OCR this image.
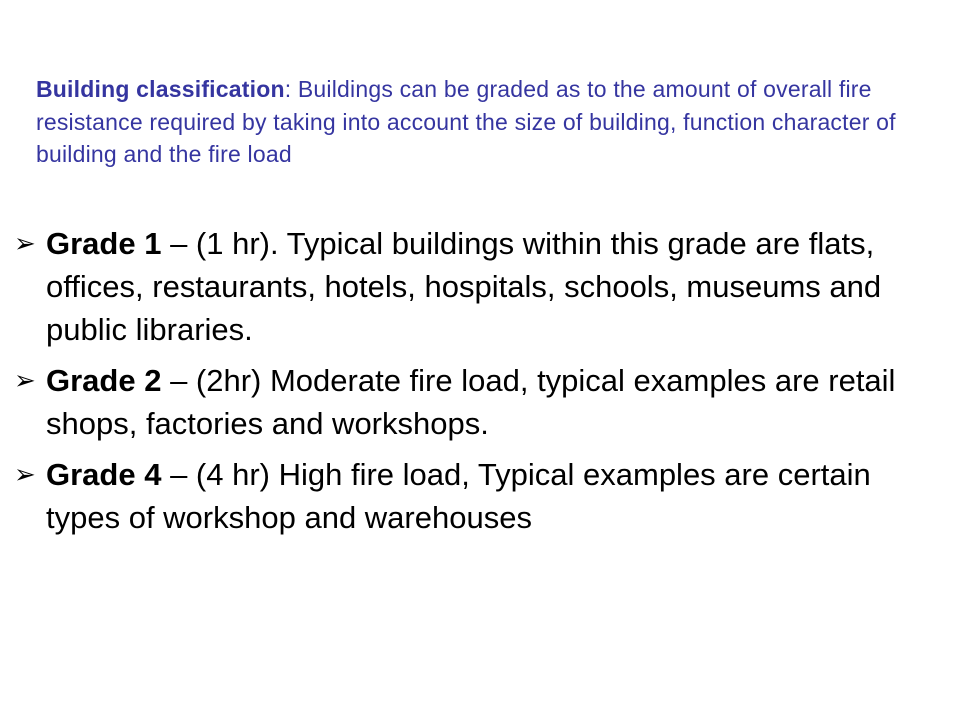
Building classification: Buildings can be graded as to the amount of overall fire resistance required by taking into account the size of building, function character of building and the fire load

➢ Grade 1 – (1 hr). Typical buildings within this grade are flats, offices, restaurants, hotels, hospitals, schools, museums and public libraries.
➢ Grade 2 – (2hr) Moderate fire load, typical examples are retail shops, factories and workshops.
➢ Grade 4 – (4 hr) High fire load, Typical examples are certain types of workshop and warehouses
